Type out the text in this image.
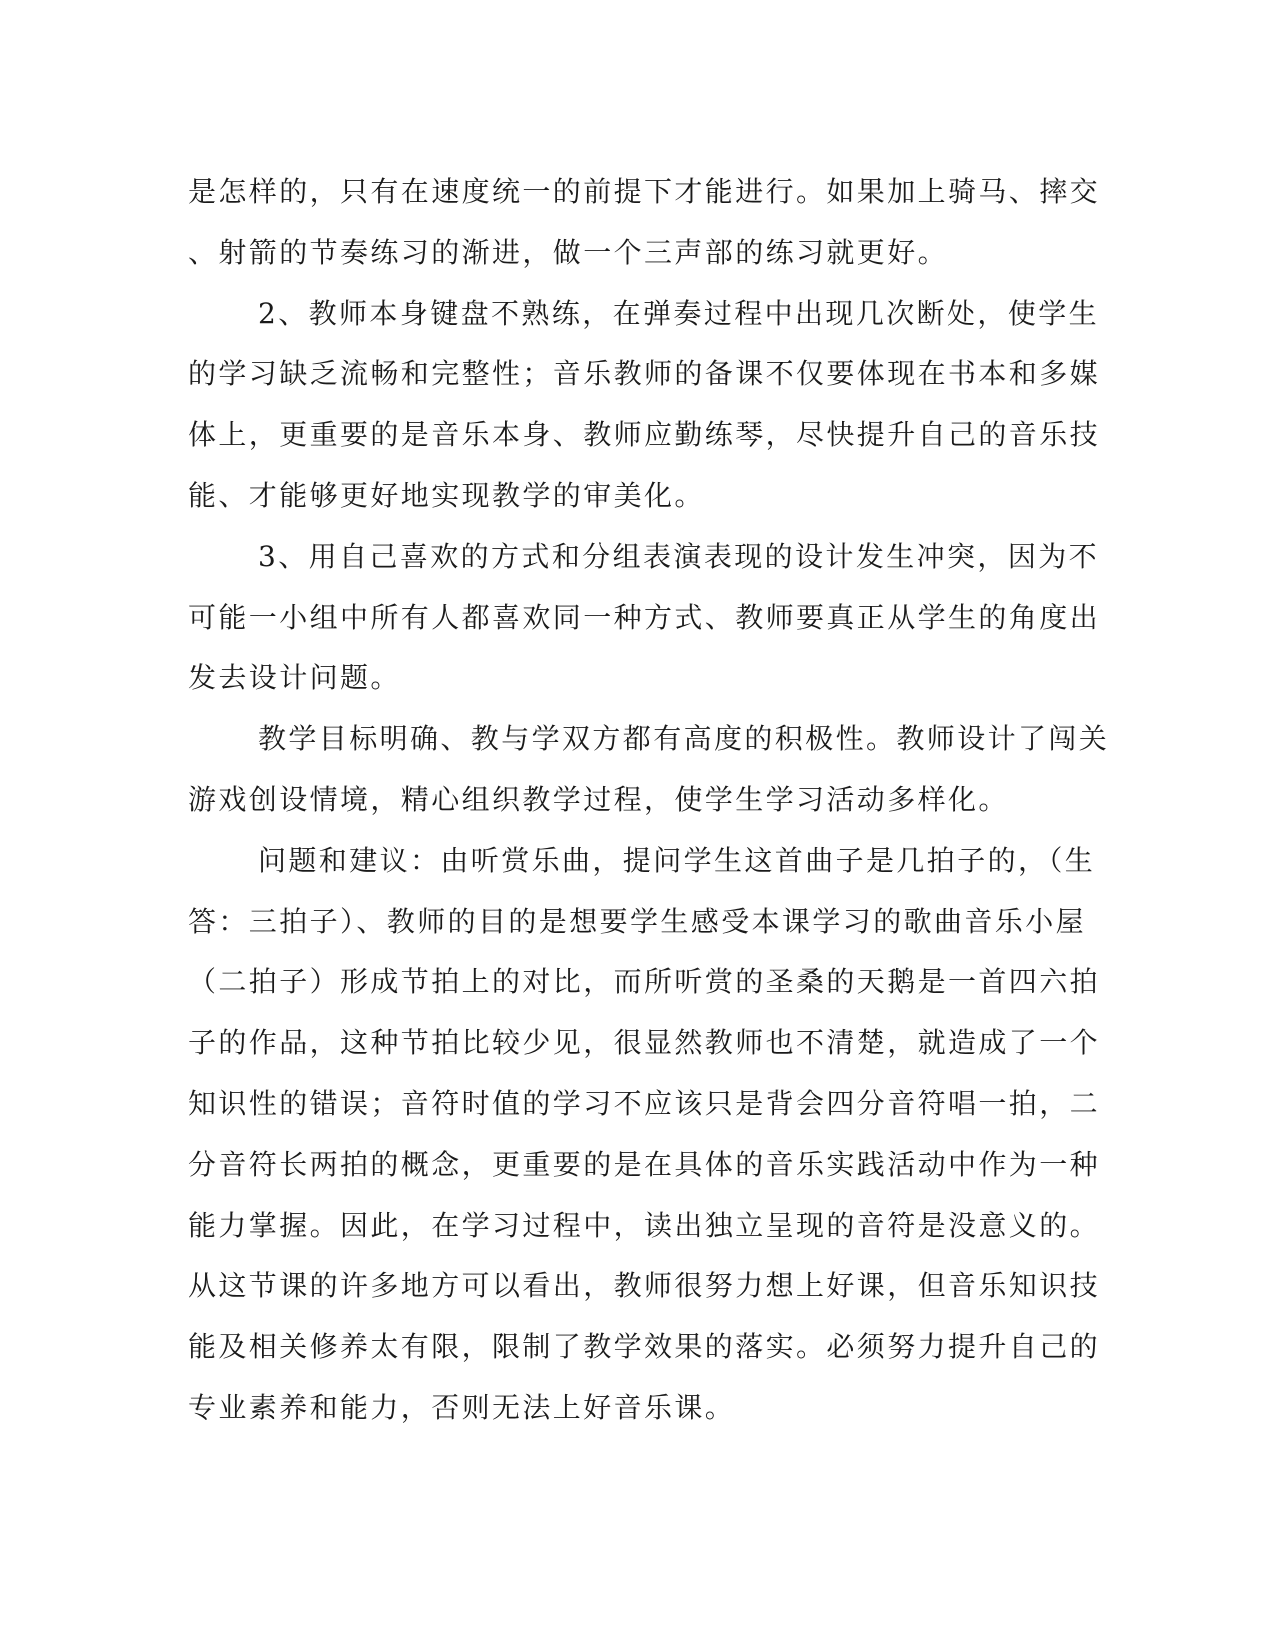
是怎样的，只有在速度统一的前提下才能进行。如果加上骑马、摔交
、射箭的节奏练习的渐进，做一个三声部的练习就更好。
2、教师本身键盘不熟练，在弹奏过程中出现几次断处，使学生
的学习缺乏流畅和完整性；音乐教师的备课不仅要体现在书本和多媒
体上，更重要的是音乐本身、教师应勤练琴，尽快提升自己的音乐技
能、才能够更好地实现教学的审美化。
3、用自己喜欢的方式和分组表演表现的设计发生冲突，因为不
可能一小组中所有人都喜欢同一种方式、教师要真正从学生的角度出
发去设计问题。
教学目标明确、教与学双方都有高度的积极性。教师设计了闯关
游戏创设情境，精心组织教学过程，使学生学习活动多样化。
问题和建议：由听赏乐曲，提问学生这首曲子是几拍子的，（生
答：三拍子）、教师的目的是想要学生感受本课学习的歌曲音乐小屋
（二拍子）形成节拍上的对比，而所听赏的圣桑的天鹅是一首四六拍
子的作品，这种节拍比较少见，很显然教师也不清楚，就造成了一个
知识性的错误；音符时值的学习不应该只是背会四分音符唱一拍，二
分音符长两拍的概念，更重要的是在具体的音乐实践活动中作为一种
能力掌握。因此，在学习过程中，读出独立呈现的音符是没意义的。
从这节课的许多地方可以看出，教师很努力想上好课，但音乐知识技
能及相关修养太有限，限制了教学效果的落实。必须努力提升自己的
专业素养和能力，否则无法上好音乐课。
